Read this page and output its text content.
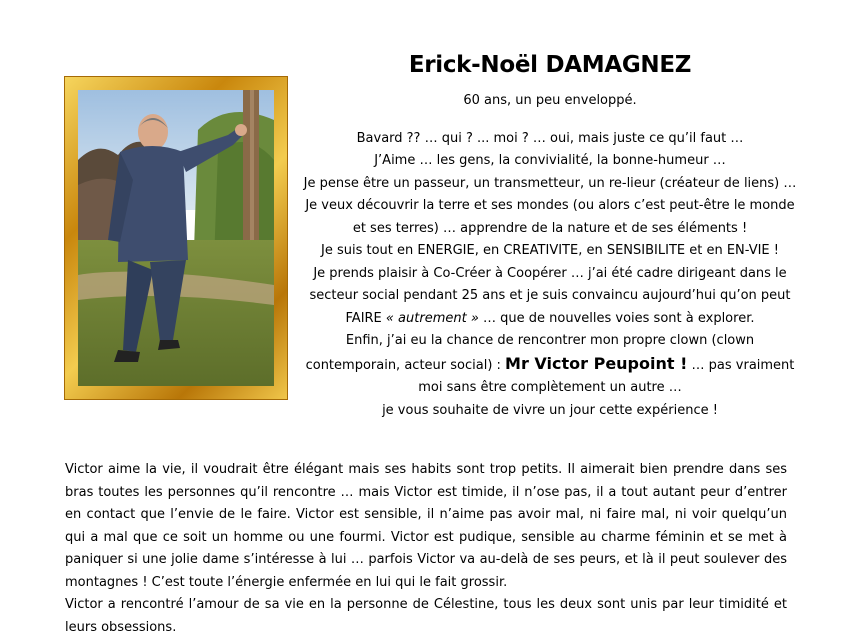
Erick-Noël DAMAGNEZ

60 ans, un peu enveloppé.

Bavard ?? … qui ? ... moi ? … oui, mais juste ce qu’il faut …

J’Aime … les gens, la convivialité, la bonne-humeur …

Je pense être un passeur, un transmetteur, un re-lieur (créateur de liens) …

Je veux découvrir la terre et ses mondes (ou alors c’est peut-être le monde et ses terres) … apprendre de la nature et de ses éléments !

Je suis tout en ENERGIE, en CREATIVITE, en SENSIBILITE et en EN-VIE !

Je prends plaisir à Co-Créer à Coopérer … j’ai été cadre dirigeant dans le secteur social pendant 25 ans et je suis convaincu aujourd’hui qu’on peut FAIRE « autrement » … que de nouvelles voies sont à explorer.

Enfin, j’ai eu la chance de rencontrer mon propre clown (clown contemporain, acteur social) : Mr Victor Peupoint ! … pas vraiment moi sans être complètement un autre …

je vous souhaite de vivre un jour cette expérience !

Victor aime la vie, il voudrait être élégant mais ses habits sont trop petits. Il aimerait bien prendre dans ses bras toutes les personnes qu’il rencontre … mais Victor est timide, il n’ose pas, il a tout autant peur d’entrer en contact que l’envie de le faire. Victor est sensible, il n’aime pas avoir mal, ni faire mal, ni voir quelqu’un qui a mal que ce soit un homme ou une fourmi. Victor est pudique, sensible au charme féminin et se met à paniquer si une jolie dame s’intéresse à lui … parfois Victor va au-delà de ses peurs, et là il peut soulever des montagnes ! C’est toute l’énergie enfermée en lui qui le fait grossir.

Victor a rencontré l’amour de sa vie en la personne de Célestine, tous les deux sont unis par leur timidité et leurs obsessions.
